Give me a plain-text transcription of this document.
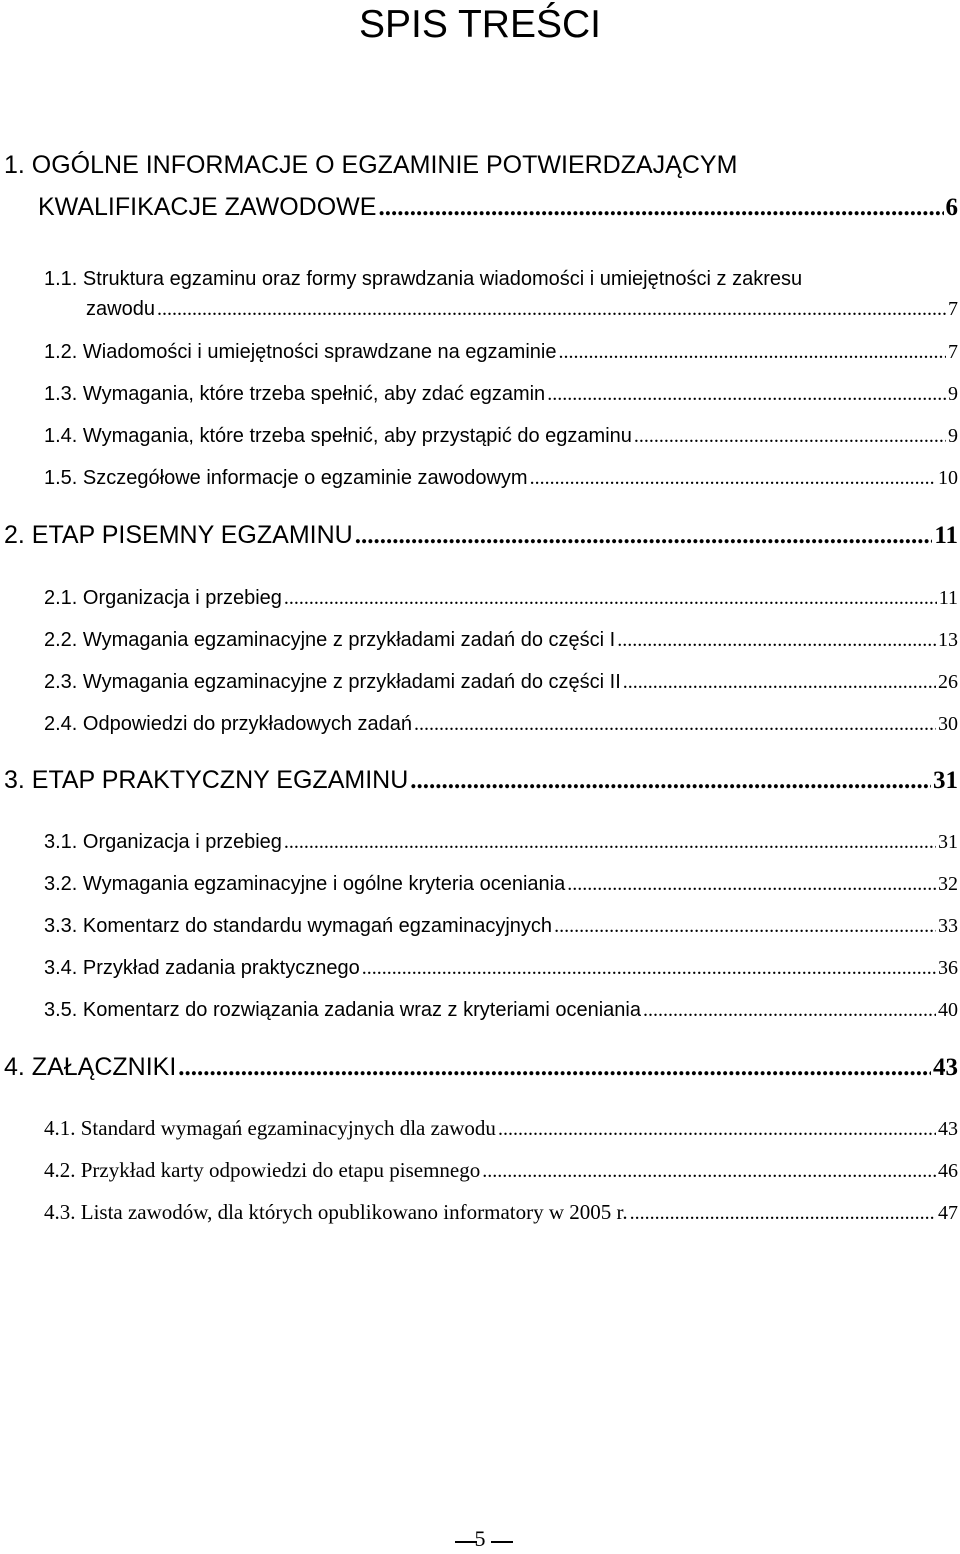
SPIS TREŚCI
1. OGÓLNE INFORMACJE O EGZAMINIE POTWIERDZAJĄCYM
KWALIFIKACJE ZAWODOWE .....	6
1.1. Struktura egzaminu oraz formy sprawdzania wiadomości i umiejętności z zakresu
zawodu .....	7
1.2. Wiadomości i umiejętności sprawdzane na egzaminie .....	7
1.3. Wymagania, które trzeba spełnić, aby zdać egzamin .....	9
1.4. Wymagania, które trzeba spełnić, aby przystąpić do egzaminu .....	9
1.5. Szczegółowe informacje o egzaminie zawodowym .....	10
2. ETAP PISEMNY EGZAMINU .....	11
2.1. Organizacja i przebieg .....	11
2.2. Wymagania egzaminacyjne z przykładami zadań do części I .....	13
2.3. Wymagania egzaminacyjne z przykładami zadań do części II .....	26
2.4. Odpowiedzi do przykładowych zadań .....	30
3. ETAP PRAKTYCZNY EGZAMINU .....	31
3.1. Organizacja i przebieg .....	31
3.2. Wymagania egzaminacyjne i ogólne kryteria oceniania .....	32
3.3. Komentarz do standardu wymagań egzaminacyjnych .....	33
3.4. Przykład zadania praktycznego .....	36
3.5. Komentarz do rozwiązania zadania wraz z kryteriami oceniania .....	40
4. ZAŁĄCZNIKI .....	43
4.1. Standard wymagań egzaminacyjnych dla zawodu .....	43
4.2. Przykład karty odpowiedzi do etapu pisemnego .....	46
4.3. Lista zawodów, dla których opublikowano informatory w 2005 r. .....	47
5
